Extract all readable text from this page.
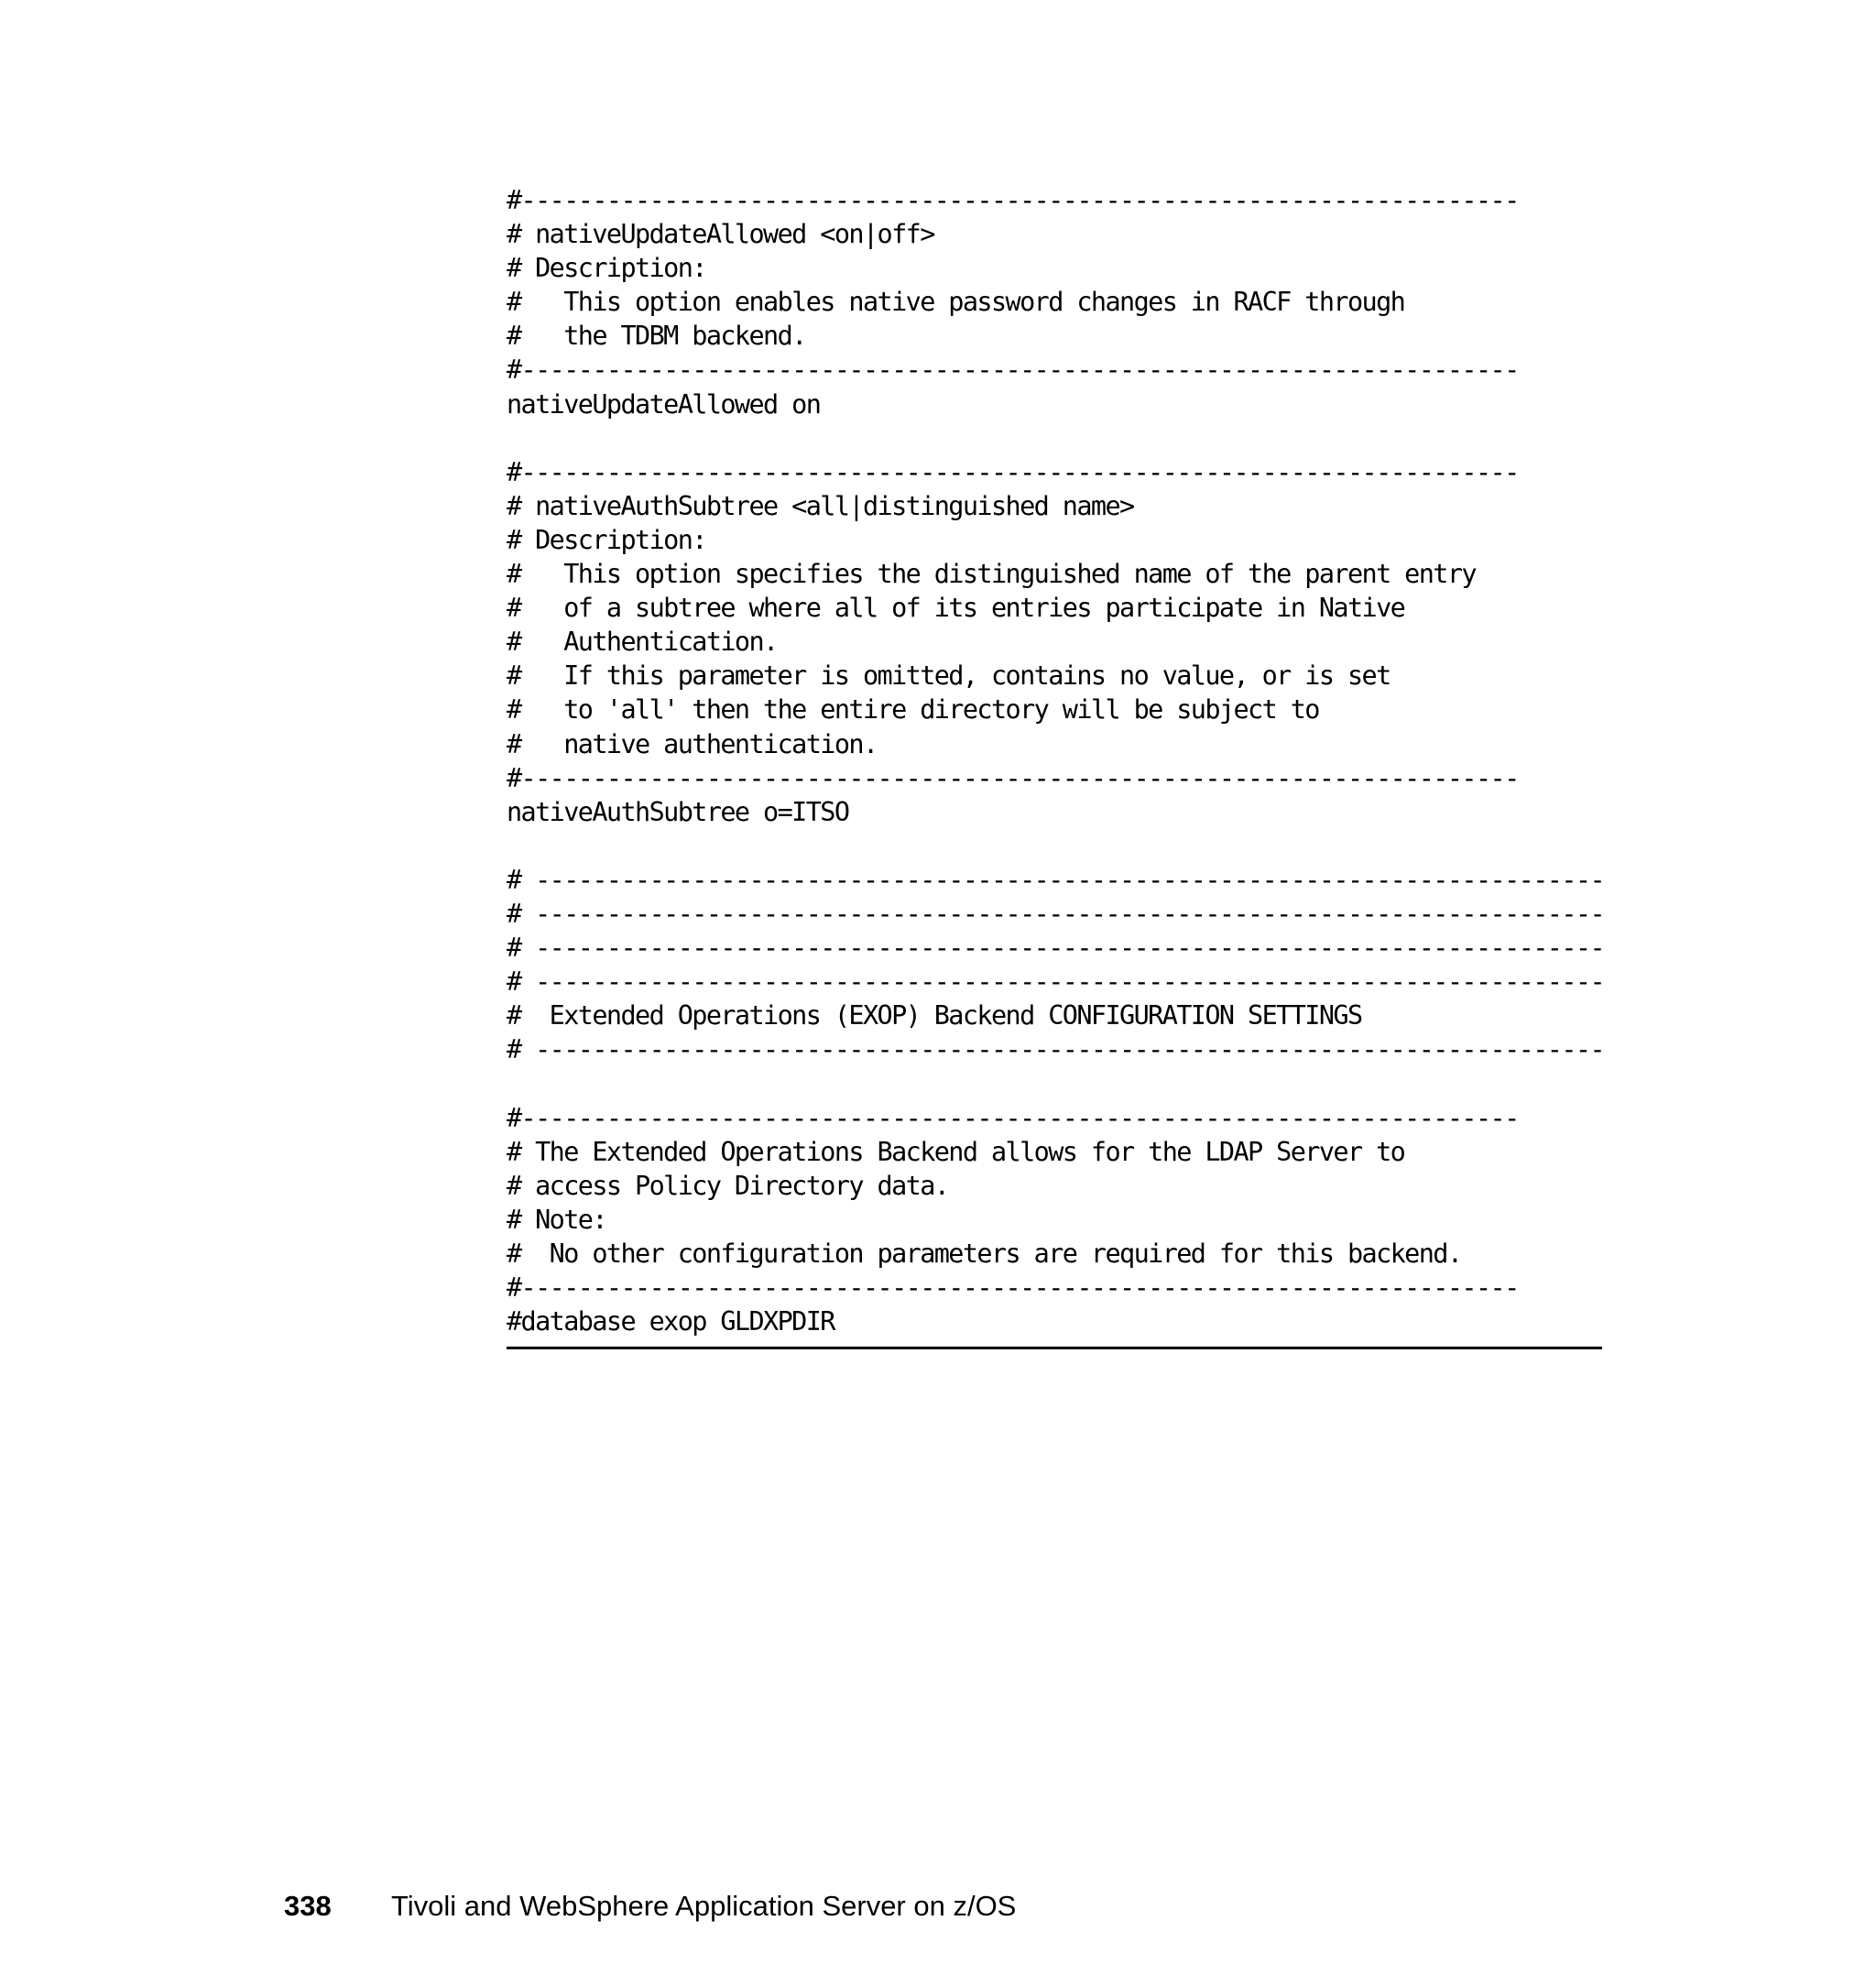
#----------------------------------------------------------------------
# nativeUpdateAllowed <on|off>
# Description:
#   This option enables native password changes in RACF through
#   the TDBM backend.
#----------------------------------------------------------------------
nativeUpdateAllowed on
#----------------------------------------------------------------------
# nativeAuthSubtree <all|distinguished name>
# Description:
#   This option specifies the distinguished name of the parent entry
#   of a subtree where all of its entries participate in Native
#   Authentication.
#   If this parameter is omitted, contains no value, or is set
#   to 'all' then the entire directory will be subject to
#   native authentication.
#----------------------------------------------------------------------
nativeAuthSubtree o=ITSO
# ---------------------------------------------------------------------------
# ---------------------------------------------------------------------------
# ---------------------------------------------------------------------------
# ---------------------------------------------------------------------------
#  Extended Operations (EXOP) Backend CONFIGURATION SETTINGS
# ---------------------------------------------------------------------------
#----------------------------------------------------------------------
# The Extended Operations Backend allows for the LDAP Server to
# access Policy Directory data.
# Note:
#  No other configuration parameters are required for this backend.
#----------------------------------------------------------------------
#database exop GLDXPDIR
338	Tivoli and WebSphere Application Server on z/OS
